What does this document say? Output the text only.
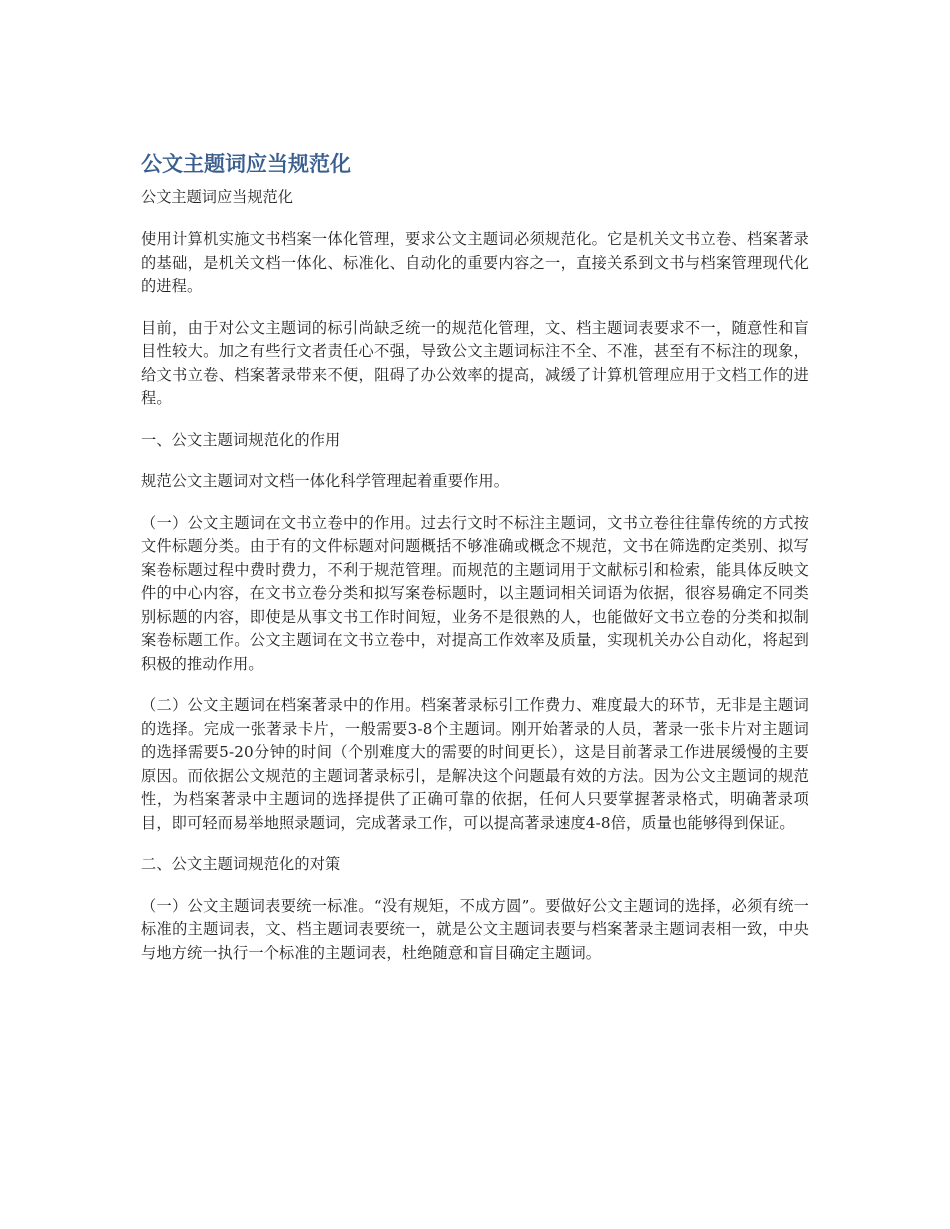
公文主题词应当规范化

公文主题词应当规范化

使用计算机实施文书档案一体化管理，要求公文主题词必须规范化。它是机关文书立卷、档案著录的基础，是机关文档一体化、标准化、自动化的重要内容之一，直接关系到文书与档案管理现代化的进程。

目前，由于对公文主题词的标引尚缺乏统一的规范化管理，文、档主题词表要求不一，随意性和盲目性较大。加之有些行文者责任心不强，导致公文主题词标注不全、不准，甚至有不标注的现象，给文书立卷、档案著录带来不便，阻碍了办公效率的提高，减缓了计算机管理应用于文档工作的进程。

一、公文主题词规范化的作用

规范公文主题词对文档一体化科学管理起着重要作用。

（一）公文主题词在文书立卷中的作用。过去行文时不标注主题词，文书立卷往往靠传统的方式按文件标题分类。由于有的文件标题对问题概括不够准确或概念不规范，文书在筛选酌定类别、拟写案卷标题过程中费时费力，不利于规范管理。而规范的主题词用于文献标引和检索，能具体反映文件的中心内容，在文书立卷分类和拟写案卷标题时，以主题词相关词语为依据，很容易确定不同类别标题的内容，即使是从事文书工作时间短，业务不是很熟的人，也能做好文书立卷的分类和拟制案卷标题工作。公文主题词在文书立卷中，对提高工作效率及质量，实现机关办公自动化，将起到积极的推动作用。

（二）公文主题词在档案著录中的作用。档案著录标引工作费力、难度最大的环节，无非是主题词的选择。完成一张著录卡片，一般需要3-8个主题词。刚开始著录的人员，著录一张卡片对主题词的选择需要5-20分钟的时间（个别难度大的需要的时间更长），这是目前著录工作进展缓慢的主要原因。而依据公文规范的主题词著录标引，是解决这个问题最有效的方法。因为公文主题词的规范性，为档案著录中主题词的选择提供了正确可靠的依据，任何人只要掌握著录格式，明确著录项目，即可轻而易举地照录题词，完成著录工作，可以提高著录速度4-8倍，质量也能够得到保证。

二、公文主题词规范化的对策

（一）公文主题词表要统一标准。“没有规矩，不成方圆”。要做好公文主题词的选择，必须有统一标准的主题词表，文、档主题词表要统一，就是公文主题词表要与档案著录主题词表相一致，中央与地方统一执行一个标准的主题词表，杜绝随意和盲目确定主题词。
